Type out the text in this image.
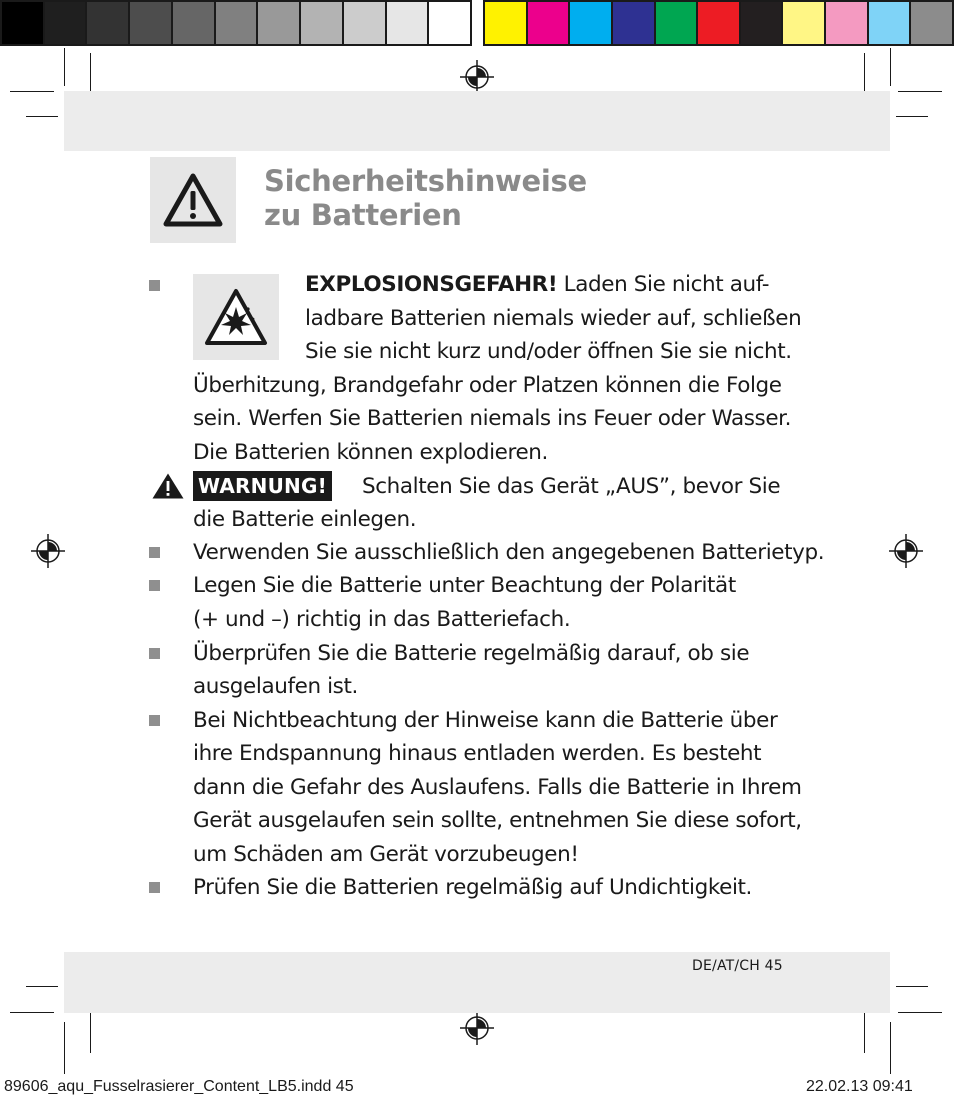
Sicherheitshinweise
zu Batterien
EXPLOSIONSGEFAHR! Laden Sie nicht auf-
ladbare Batterien niemals wieder auf, schließen
Sie sie nicht kurz und/oder öffnen Sie sie nicht.
Überhitzung, Brandgefahr oder Platzen können die Folge
sein. Werfen Sie Batterien niemals ins Feuer oder Wasser.
Die Batterien können explodieren.
WARNUNG! Schalten Sie das Gerät „AUS”, bevor Sie
die Batterie einlegen.
Verwenden Sie ausschließlich den angegebenen Batterietyp.
Legen Sie die Batterie unter Beachtung der Polarität
(+ und –) richtig in das Batteriefach.
Überprüfen Sie die Batterie regelmäßig darauf, ob sie
ausgelaufen ist.
Bei Nichtbeachtung der Hinweise kann die Batterie über
ihre Endspannung hinaus entladen werden. Es besteht
dann die Gefahr des Auslaufens. Falls die Batterie in Ihrem
Gerät ausgelaufen sein sollte, entnehmen Sie diese sofort,
um Schäden am Gerät vorzubeugen!
Prüfen Sie die Batterien regelmäßig auf Undichtigkeit.
DE/AT/CH 45
89606_aqu_Fusselrasierer_Content_LB5.indd 45	22.02.13 09:41
